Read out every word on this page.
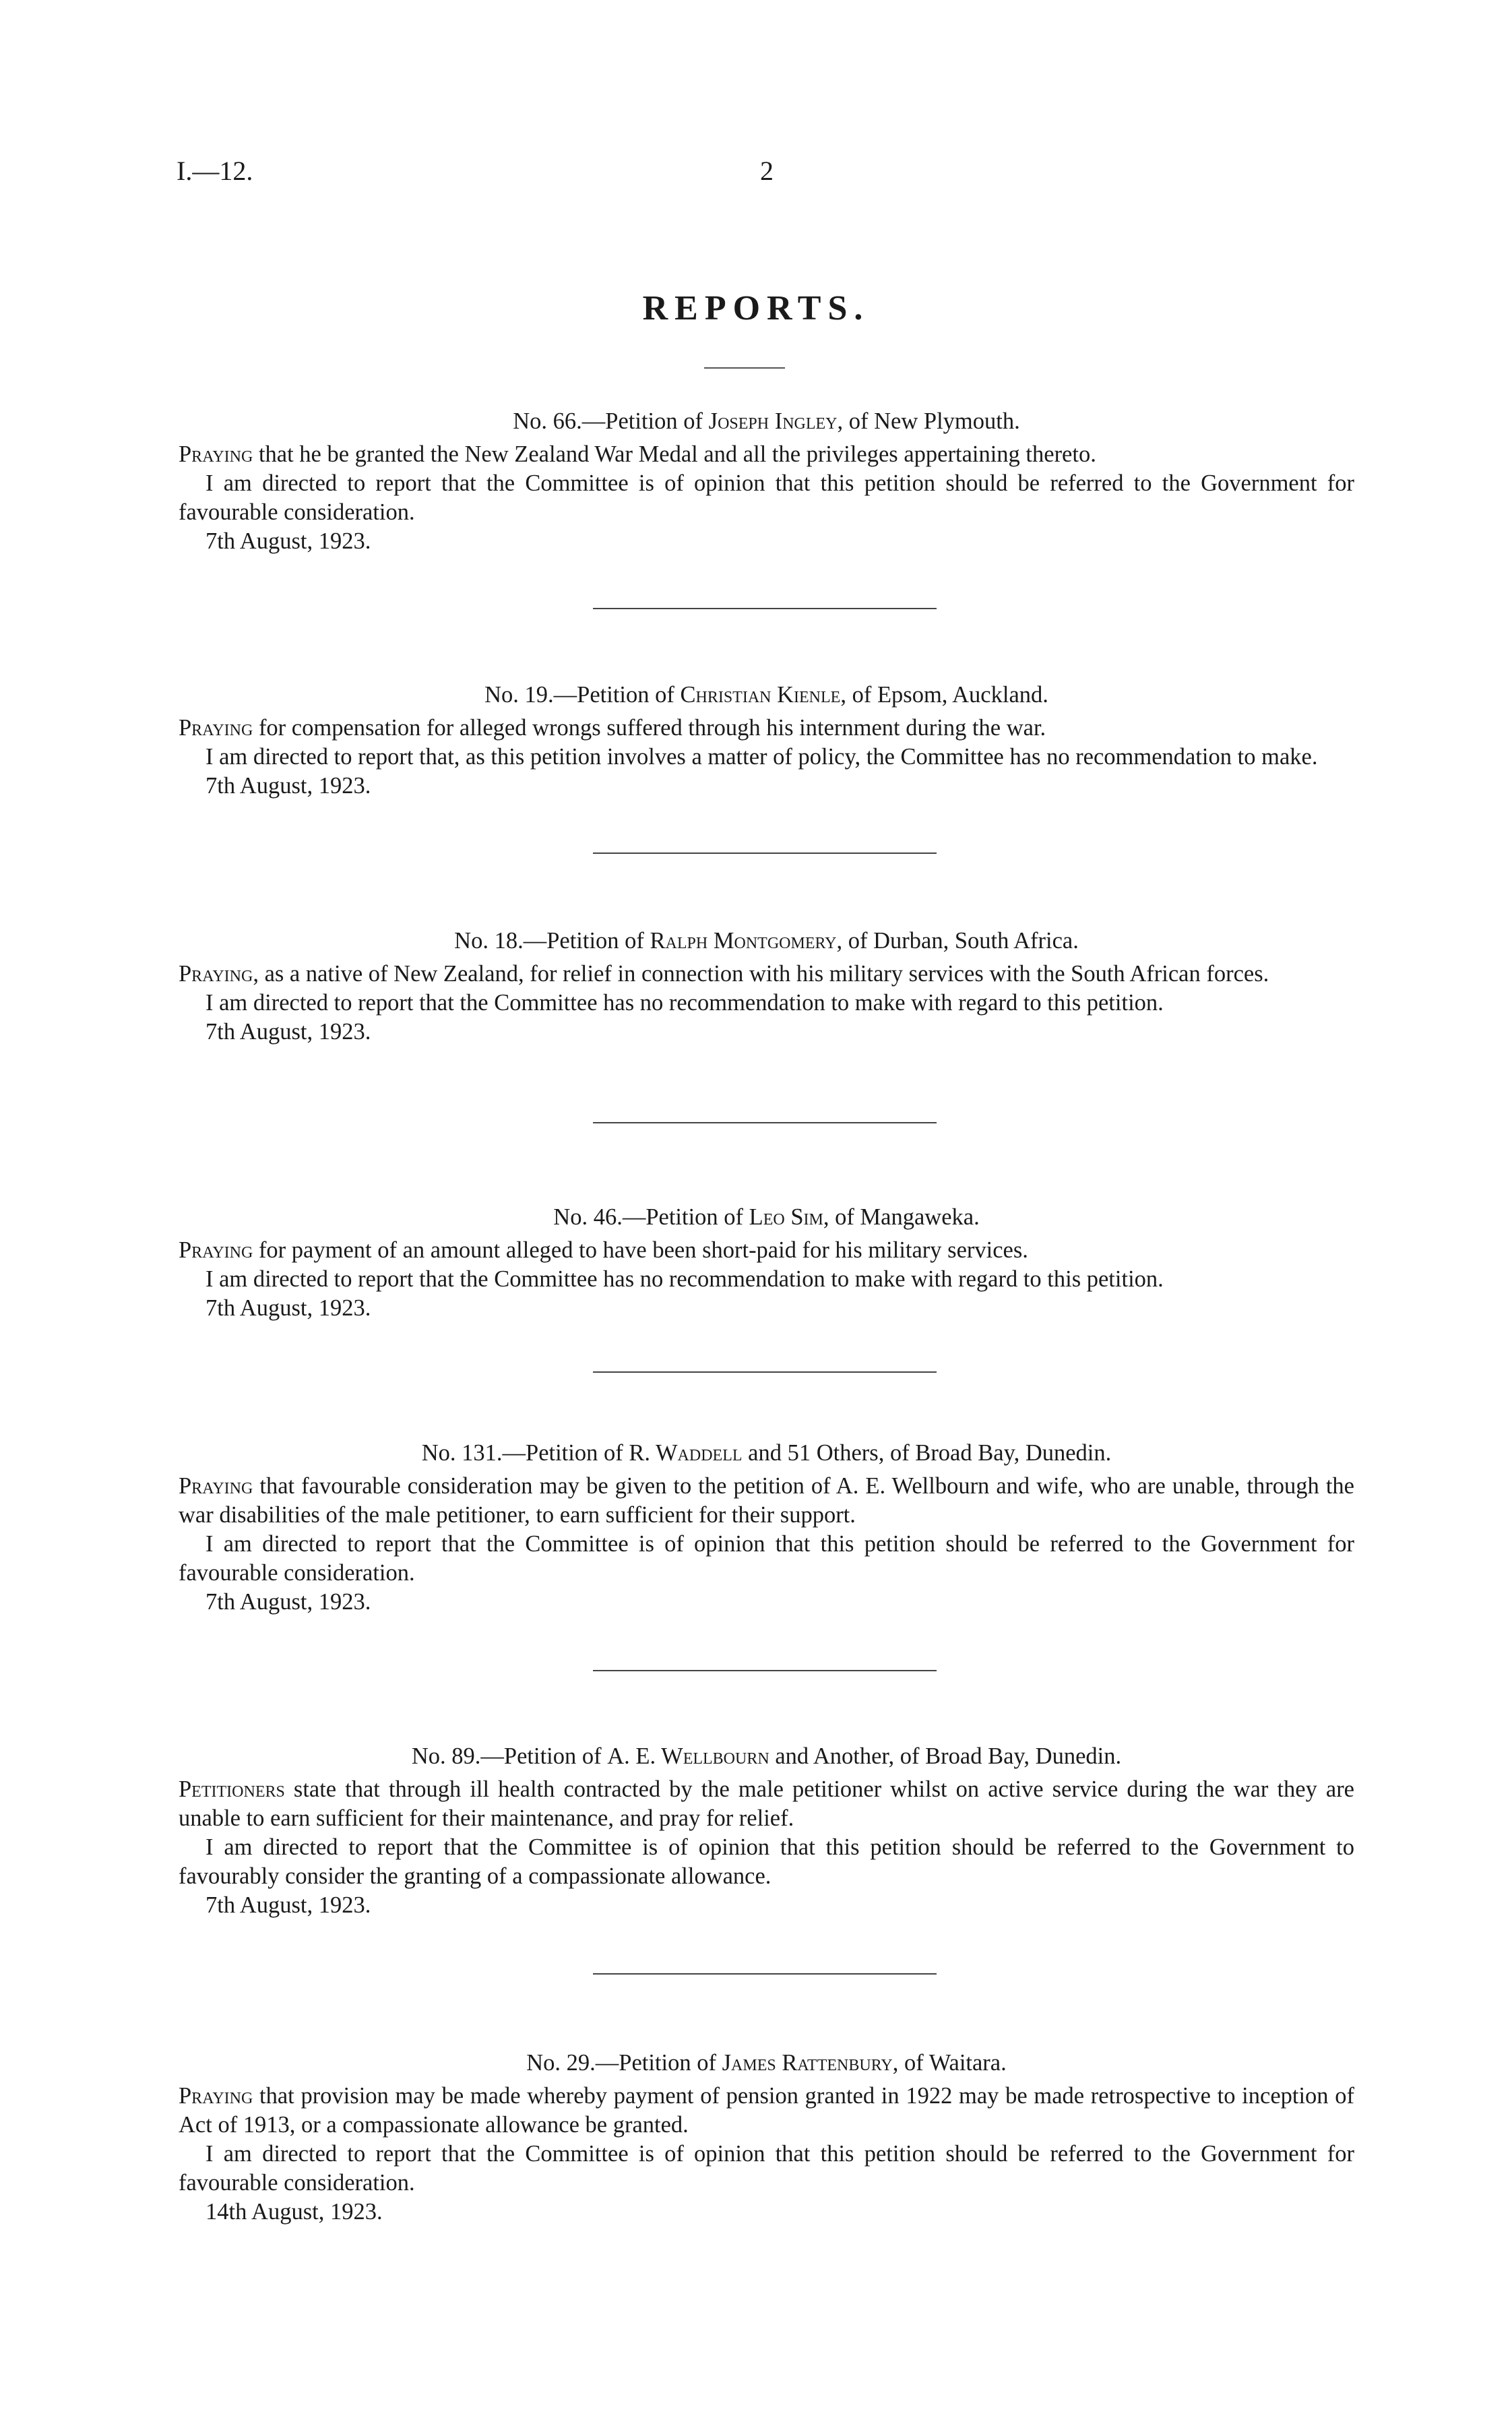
I.—12.	2
REPORTS.
No. 66.—Petition of Joseph Ingley, of New Plymouth.

Praying that he be granted the New Zealand War Medal and all the privileges appertaining thereto.

I am directed to report that the Committee is of opinion that this petition should be referred to the Government for favourable consideration.

7th August, 1923.

No. 19.—Petition of Christian Kienle, of Epsom, Auckland.

Praying for compensation for alleged wrongs suffered through his internment during the war.

I am directed to report that, as this petition involves a matter of policy, the Committee has no recommendation to make.

7th August, 1923.

No. 18.—Petition of Ralph Montgomery, of Durban, South Africa.

Praying, as a native of New Zealand, for relief in connection with his military services with the South African forces.

I am directed to report that the Committee has no recommendation to make with regard to this petition.

7th August, 1923.

No. 46.—Petition of Leo Sim, of Mangaweka.

Praying for payment of an amount alleged to have been short-paid for his military services.

I am directed to report that the Committee has no recommendation to make with regard to this petition.

7th August, 1923.

No. 131.—Petition of R. Waddell and 51 Others, of Broad Bay, Dunedin.

Praying that favourable consideration may be given to the petition of A. E. Wellbourn and wife, who are unable, through the war disabilities of the male petitioner, to earn sufficient for their support.

I am directed to report that the Committee is of opinion that this petition should be referred to the Government for favourable consideration.

7th August, 1923.

No. 89.—Petition of A. E. Wellbourn and Another, of Broad Bay, Dunedin.

Petitioners state that through ill health contracted by the male petitioner whilst on active service during the war they are unable to earn sufficient for their maintenance, and pray for relief.

I am directed to report that the Committee is of opinion that this petition should be referred to the Government to favourably consider the granting of a compassionate allowance.

7th August, 1923.

No. 29.—Petition of James Rattenbury, of Waitara.

Praying that provision may be made whereby payment of pension granted in 1922 may be made retrospective to inception of Act of 1913, or a compassionate allowance be granted.

I am directed to report that the Committee is of opinion that this petition should be referred to the Government for favourable consideration.

14th August, 1923.
